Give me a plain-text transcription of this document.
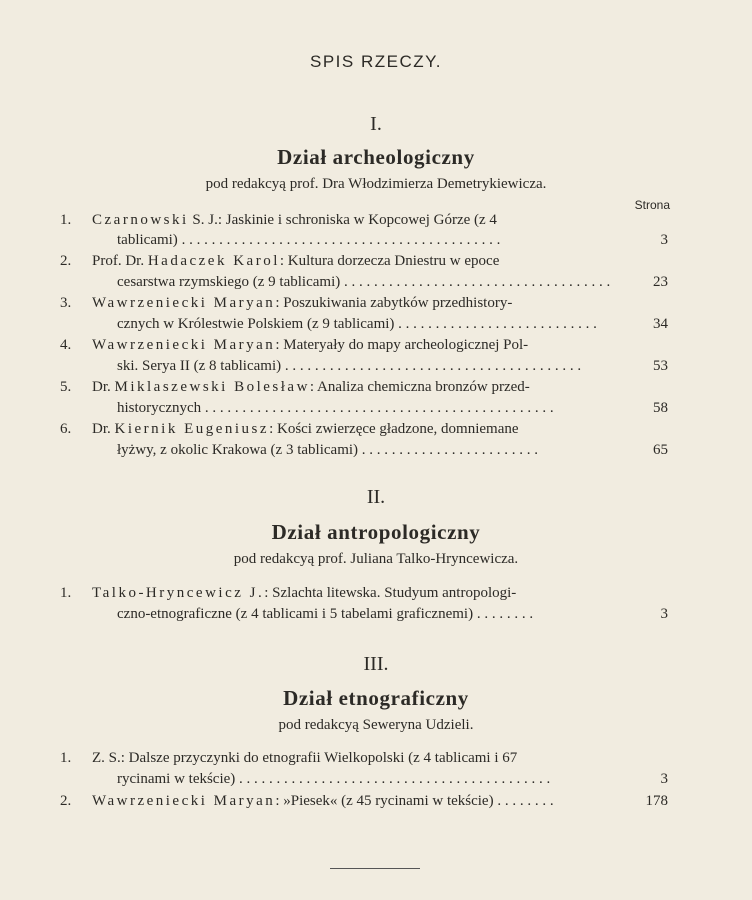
SPIS RZECZY.
I.
Dział archeologiczny
pod redakcyą prof. Dra Włodzimierza Demetrykiewicza.
Strona
1.	Czarnowski S. J.: Jaskinie i schroniska w Kopcowej Górze (z 4
tablicami) . . . . . . . . . . . . . . . . . . . . . . . . . . . . . . . . . . . . . . . . . . .	3
2.	Prof. Dr. Hadaczek Karol: Kultura dorzecza Dniestru w epoce
cesarstwa rzymskiego (z 9 tablicami) . . . . . . . . . . . . . . . . . . . . . . . . . . . . . . . . . . . .	23
3.	Wawrzeniecki Maryan: Poszukiwania zabytków przedhistory-
cznych w Królestwie Polskiem (z 9 tablicami) . . . . . . . . . . . . . . . . . . . . . . . . . . .	34
4.	Wawrzeniecki Maryan: Materyały do mapy archeologicznej Pol-
ski. Serya II (z 8 tablicami) . . . . . . . . . . . . . . . . . . . . . . . . . . . . . . . . . . . . . . . .	53
5.	Dr. Miklaszewski Bolesław: Analiza chemiczna bronzów przed-
historycznych . . . . . . . . . . . . . . . . . . . . . . . . . . . . . . . . . . . . . . . . . . . . . . .	58
6.	Dr. Kiernik Eugeniusz: Kości zwierzęce gładzone, domniemane
łyżwy, z okolic Krakowa (z 3 tablicami) . . . . . . . . . . . . . . . . . . . . . . . .	65
II.
Dział antropologiczny
pod redakcyą prof. Juliana Talko-Hryncewicza.
1.	Talko-Hryncewicz J.: Szlachta litewska. Studyum antropologi-
czno-etnograficzne (z 4 tablicami i 5 tabelami graficznemi) . . . . . . . .	3
III.
Dział etnograficzny
pod redakcyą Seweryna Udzieli.
1.	Z. S.: Dalsze przyczynki do etnografii Wielkopolski (z 4 tablicami i 67
rycinami w tekście) . . . . . . . . . . . . . . . . . . . . . . . . . . . . . . . . . . . . . . . . . .	3
2.	Wawrzeniecki Maryan: »Piesek« (z 45 rycinami w tekście) . . . . . . . .	178
